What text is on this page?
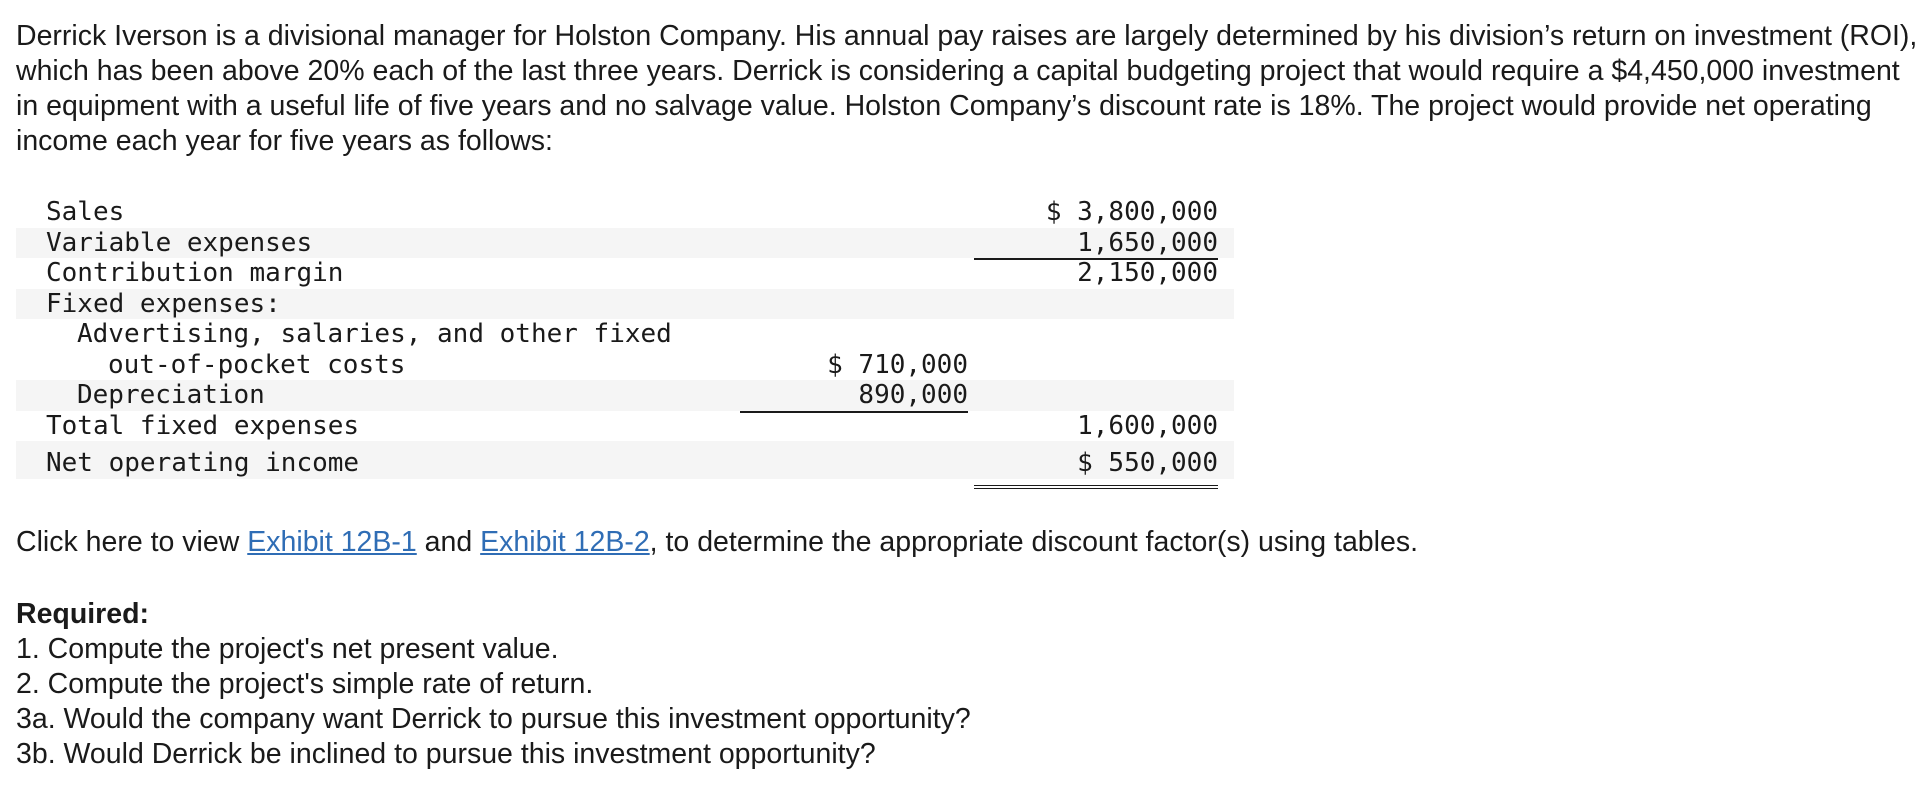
Derrick Iverson is a divisional manager for Holston Company. His annual pay raises are largely determined by his division’s return on investment (ROI), which has been above 20% each of the last three years. Derrick is considering a capital budgeting project that would require a $4,450,000 investment in equipment with a useful life of five years and no salvage value. Holston Company’s discount rate is 18%. The project would provide net operating income each year for five years as follows:

Sales	$ 3,800,000
Variable expenses	1,650,000
Contribution margin	2,150,000
Fixed expenses:
Advertising, salaries, and other fixed
out-of-pocket costs	$ 710,000
Depreciation	890,000
Total fixed expenses	1,600,000
Net operating income	$ 550,000

Click here to view Exhibit 12B-1 and Exhibit 12B-2, to determine the appropriate discount factor(s) using tables.

Required:
1. Compute the project's net present value.
2. Compute the project's simple rate of return.
3a. Would the company want Derrick to pursue this investment opportunity?
3b. Would Derrick be inclined to pursue this investment opportunity?
